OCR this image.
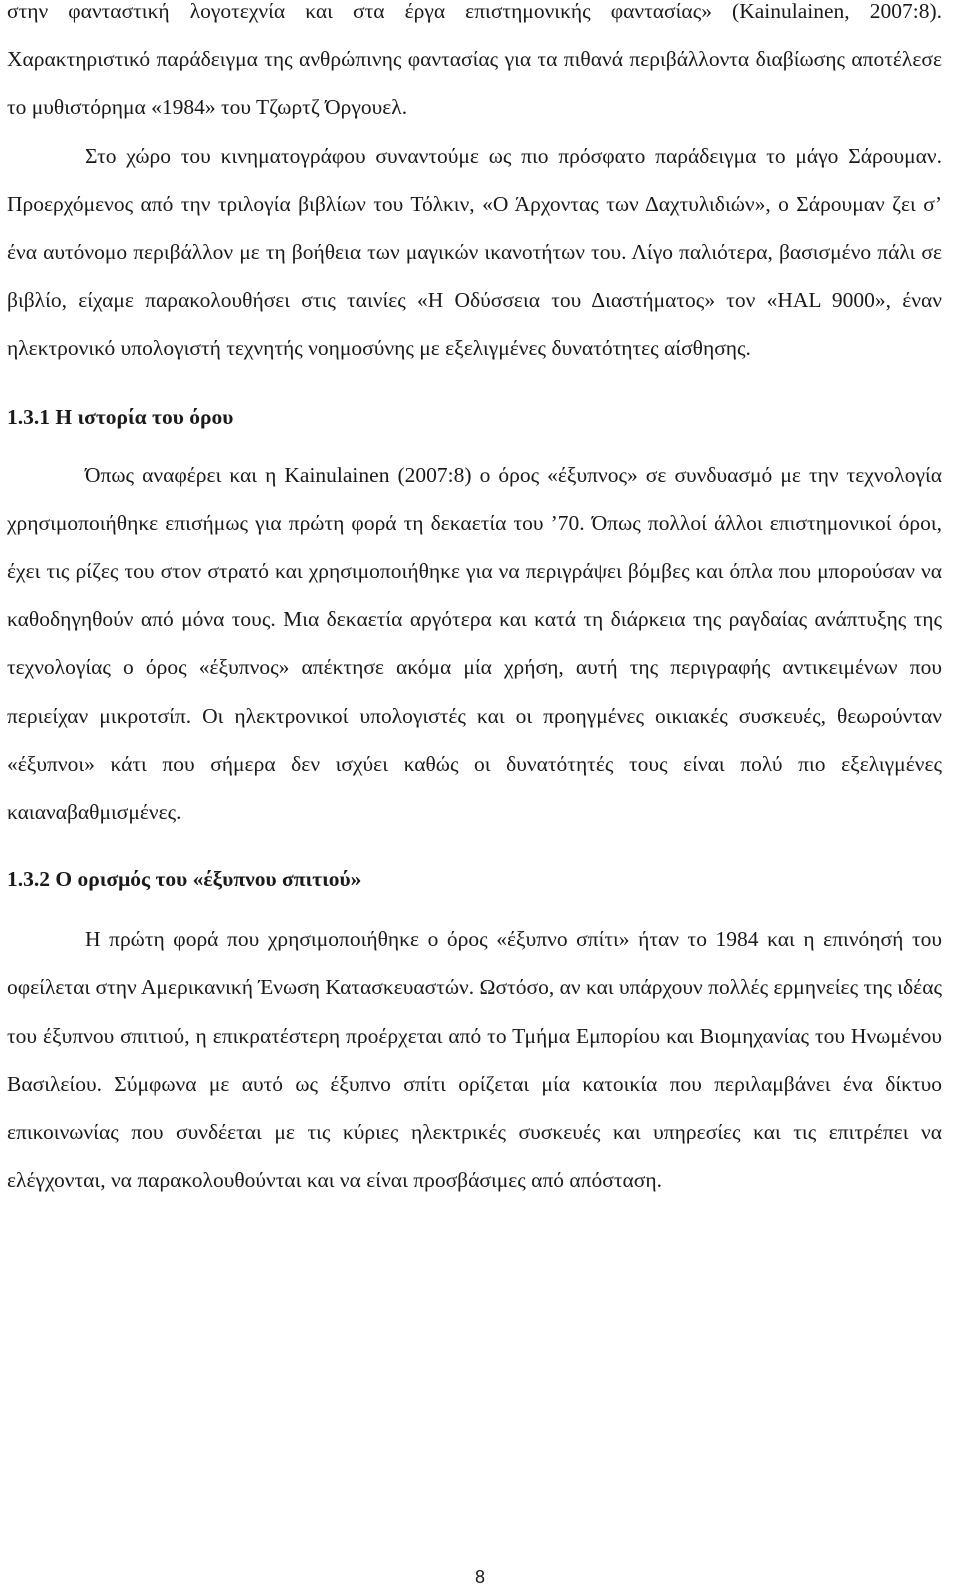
στην φανταστική λογοτεχνία και στα έργα επιστημονικής φαντασίας» (Kainulainen, 2007:8). Χαρακτηριστικό παράδειγμα της ανθρώπινης φαντασίας για τα πιθανά περιβάλλοντα διαβίωσης αποτέλεσε το μυθιστόρημα «1984» του Τζωρτζ Όργουελ.

Στο χώρο του κινηματογράφου συναντούμε ως πιο πρόσφατο παράδειγμα το μάγο Σάρουμαν. Προερχόμενος από την τριλογία βιβλίων του Τόλκιν, «Ο Άρχοντας των Δαχτυλιδιών», ο Σάρουμαν ζει σ’ ένα αυτόνομο περιβάλλον με τη βοήθεια των μαγικών ικανοτήτων του. Λίγο παλιότερα, βασισμένο πάλι σε βιβλίο, είχαμε παρακολουθήσει στις ταινίες «Η Οδύσσεια του Διαστήματος» τον «HAL 9000», έναν ηλεκτρονικό υπολογιστή τεχνητής νοημοσύνης με εξελιγμένες δυνατότητες αίσθησης.

1.3.1 Η ιστορία του όρου

Όπως αναφέρει και η Kainulainen (2007:8) ο όρος «έξυπνος» σε συνδυασμό με την τεχνολογία χρησιμοποιήθηκε επισήμως για πρώτη φορά τη δεκαετία του ’70. Όπως πολλοί άλλοι επιστημονικοί όροι, έχει τις ρίζες του στον στρατό και χρησιμοποιήθηκε για να περιγράψει βόμβες και όπλα που μπορούσαν να καθοδηγηθούν από μόνα τους. Μια δεκαετία αργότερα και κατά τη διάρκεια της ραγδαίας ανάπτυξης της τεχνολογίας ο όρος «έξυπνος» απέκτησε ακόμα μία χρήση, αυτή της περιγραφής αντικειμένων που περιείχαν μικροτσίπ. Οι ηλεκτρονικοί υπολογιστές και οι προηγμένες οικιακές συσκευές, θεωρούνταν «έξυπνοι» κάτι που σήμερα δεν ισχύει καθώς οι δυνατότητές τους είναι πολύ πιο εξελιγμένες καιαναβαθμισμένες.

1.3.2 Ο ορισμός του «έξυπνου σπιτιού»

Η πρώτη φορά που χρησιμοποιήθηκε ο όρος «έξυπνο σπίτι» ήταν το 1984 και η επινόησή του οφείλεται στην Αμερικανική Ένωση Κατασκευαστών. Ωστόσο, αν και υπάρχουν πολλές ερμηνείες της ιδέας του έξυπνου σπιτιού, η επικρατέστερη προέρχεται από το Τμήμα Εμπορίου και Βιομηχανίας του Ηνωμένου Βασιλείου. Σύμφωνα με αυτό ως έξυπνο σπίτι ορίζεται μία κατοικία που περιλαμβάνει ένα δίκτυο επικοινωνίας που συνδέεται με τις κύριες ηλεκτρικές συσκευές και υπηρεσίες και τις επιτρέπει να ελέγχονται, να παρακολουθούνται και να είναι προσβάσιμες από απόσταση.

8
